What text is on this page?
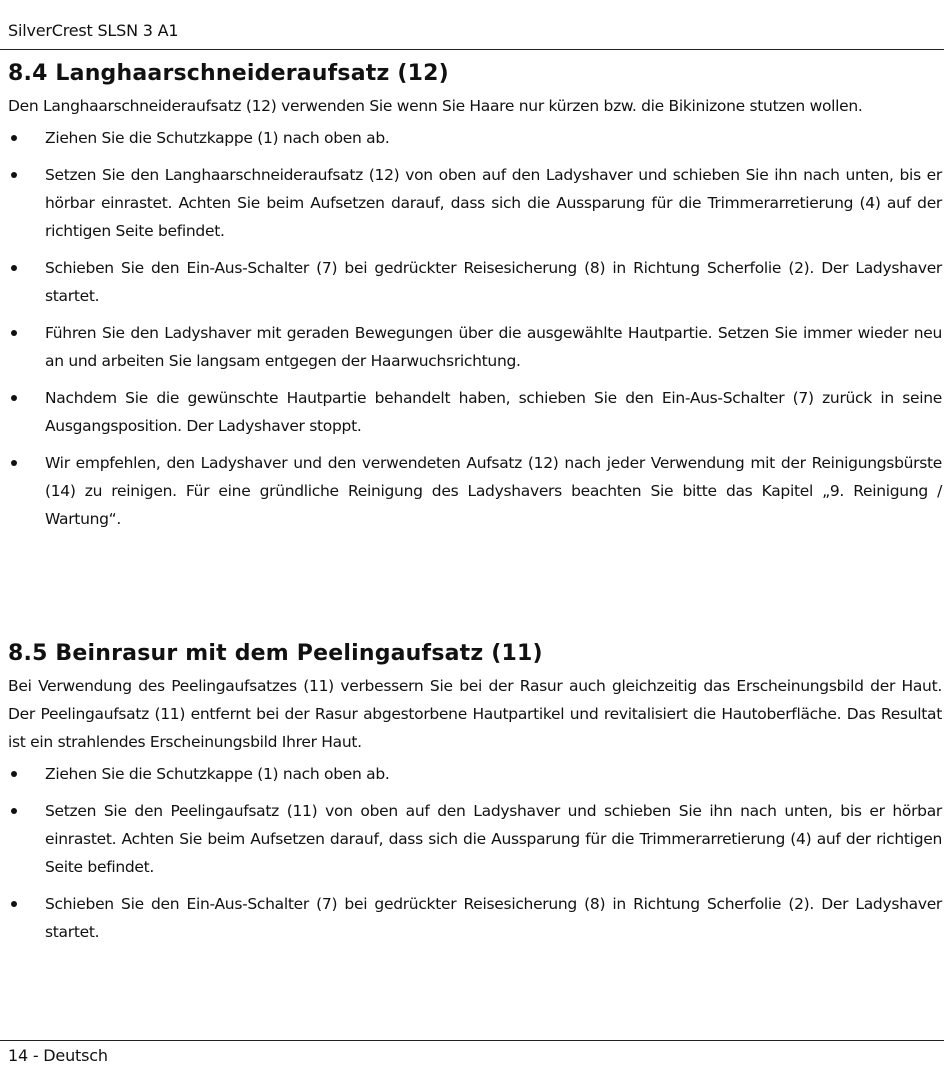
SilverCrest SLSN 3 A1
8.4 Langhaarschneideraufsatz (12)

Den Langhaarschneideraufsatz (12) verwenden Sie wenn Sie Haare nur kürzen bzw. die Bikinizone stutzen wollen.

Ziehen Sie die Schutzkappe (1) nach oben ab.
Setzen Sie den Langhaarschneideraufsatz (12) von oben auf den Ladyshaver und schieben Sie ihn nach unten, bis er hörbar einrastet. Achten Sie beim Aufsetzen darauf, dass sich die Aussparung für die Trimmerarretierung (4) auf der richtigen Seite befindet.
Schieben Sie den Ein-Aus-Schalter (7) bei gedrückter Reisesicherung (8) in Richtung Scherfolie (2). Der Ladyshaver startet.
Führen Sie den Ladyshaver mit geraden Bewegungen über die ausgewählte Hautpartie. Setzen Sie immer wieder neu an und arbeiten Sie langsam entgegen der Haarwuchsrichtung.
Nachdem Sie die gewünschte Hautpartie behandelt haben, schieben Sie den Ein-Aus-Schalter (7) zurück in seine Ausgangsposition. Der Ladyshaver stoppt.
Wir empfehlen, den Ladyshaver und den verwendeten Aufsatz (12) nach jeder Verwendung mit der Reinigungsbürste (14) zu reinigen. Für eine gründliche Reinigung des Ladyshavers beachten Sie bitte das Kapitel „9. Reinigung / Wartung“.
8.5 Beinrasur mit dem Peelingaufsatz (11)

Bei Verwendung des Peelingaufsatzes (11) verbessern Sie bei der Rasur auch gleichzeitig das Erscheinungsbild der Haut. Der Peelingaufsatz (11) entfernt bei der Rasur abgestorbene Hautpartikel und revitalisiert die Hautoberfläche. Das Resultat ist ein strahlendes Erscheinungsbild Ihrer Haut.

Ziehen Sie die Schutzkappe (1) nach oben ab.
Setzen Sie den Peelingaufsatz (11) von oben auf den Ladyshaver und schieben Sie ihn nach unten, bis er hörbar einrastet. Achten Sie beim Aufsetzen darauf, dass sich die Aussparung für die Trimmerarretierung (4) auf der richtigen Seite befindet.
Schieben Sie den Ein-Aus-Schalter (7) bei gedrückter Reisesicherung (8) in Richtung Scherfolie (2). Der Ladyshaver startet.
14 - Deutsch
